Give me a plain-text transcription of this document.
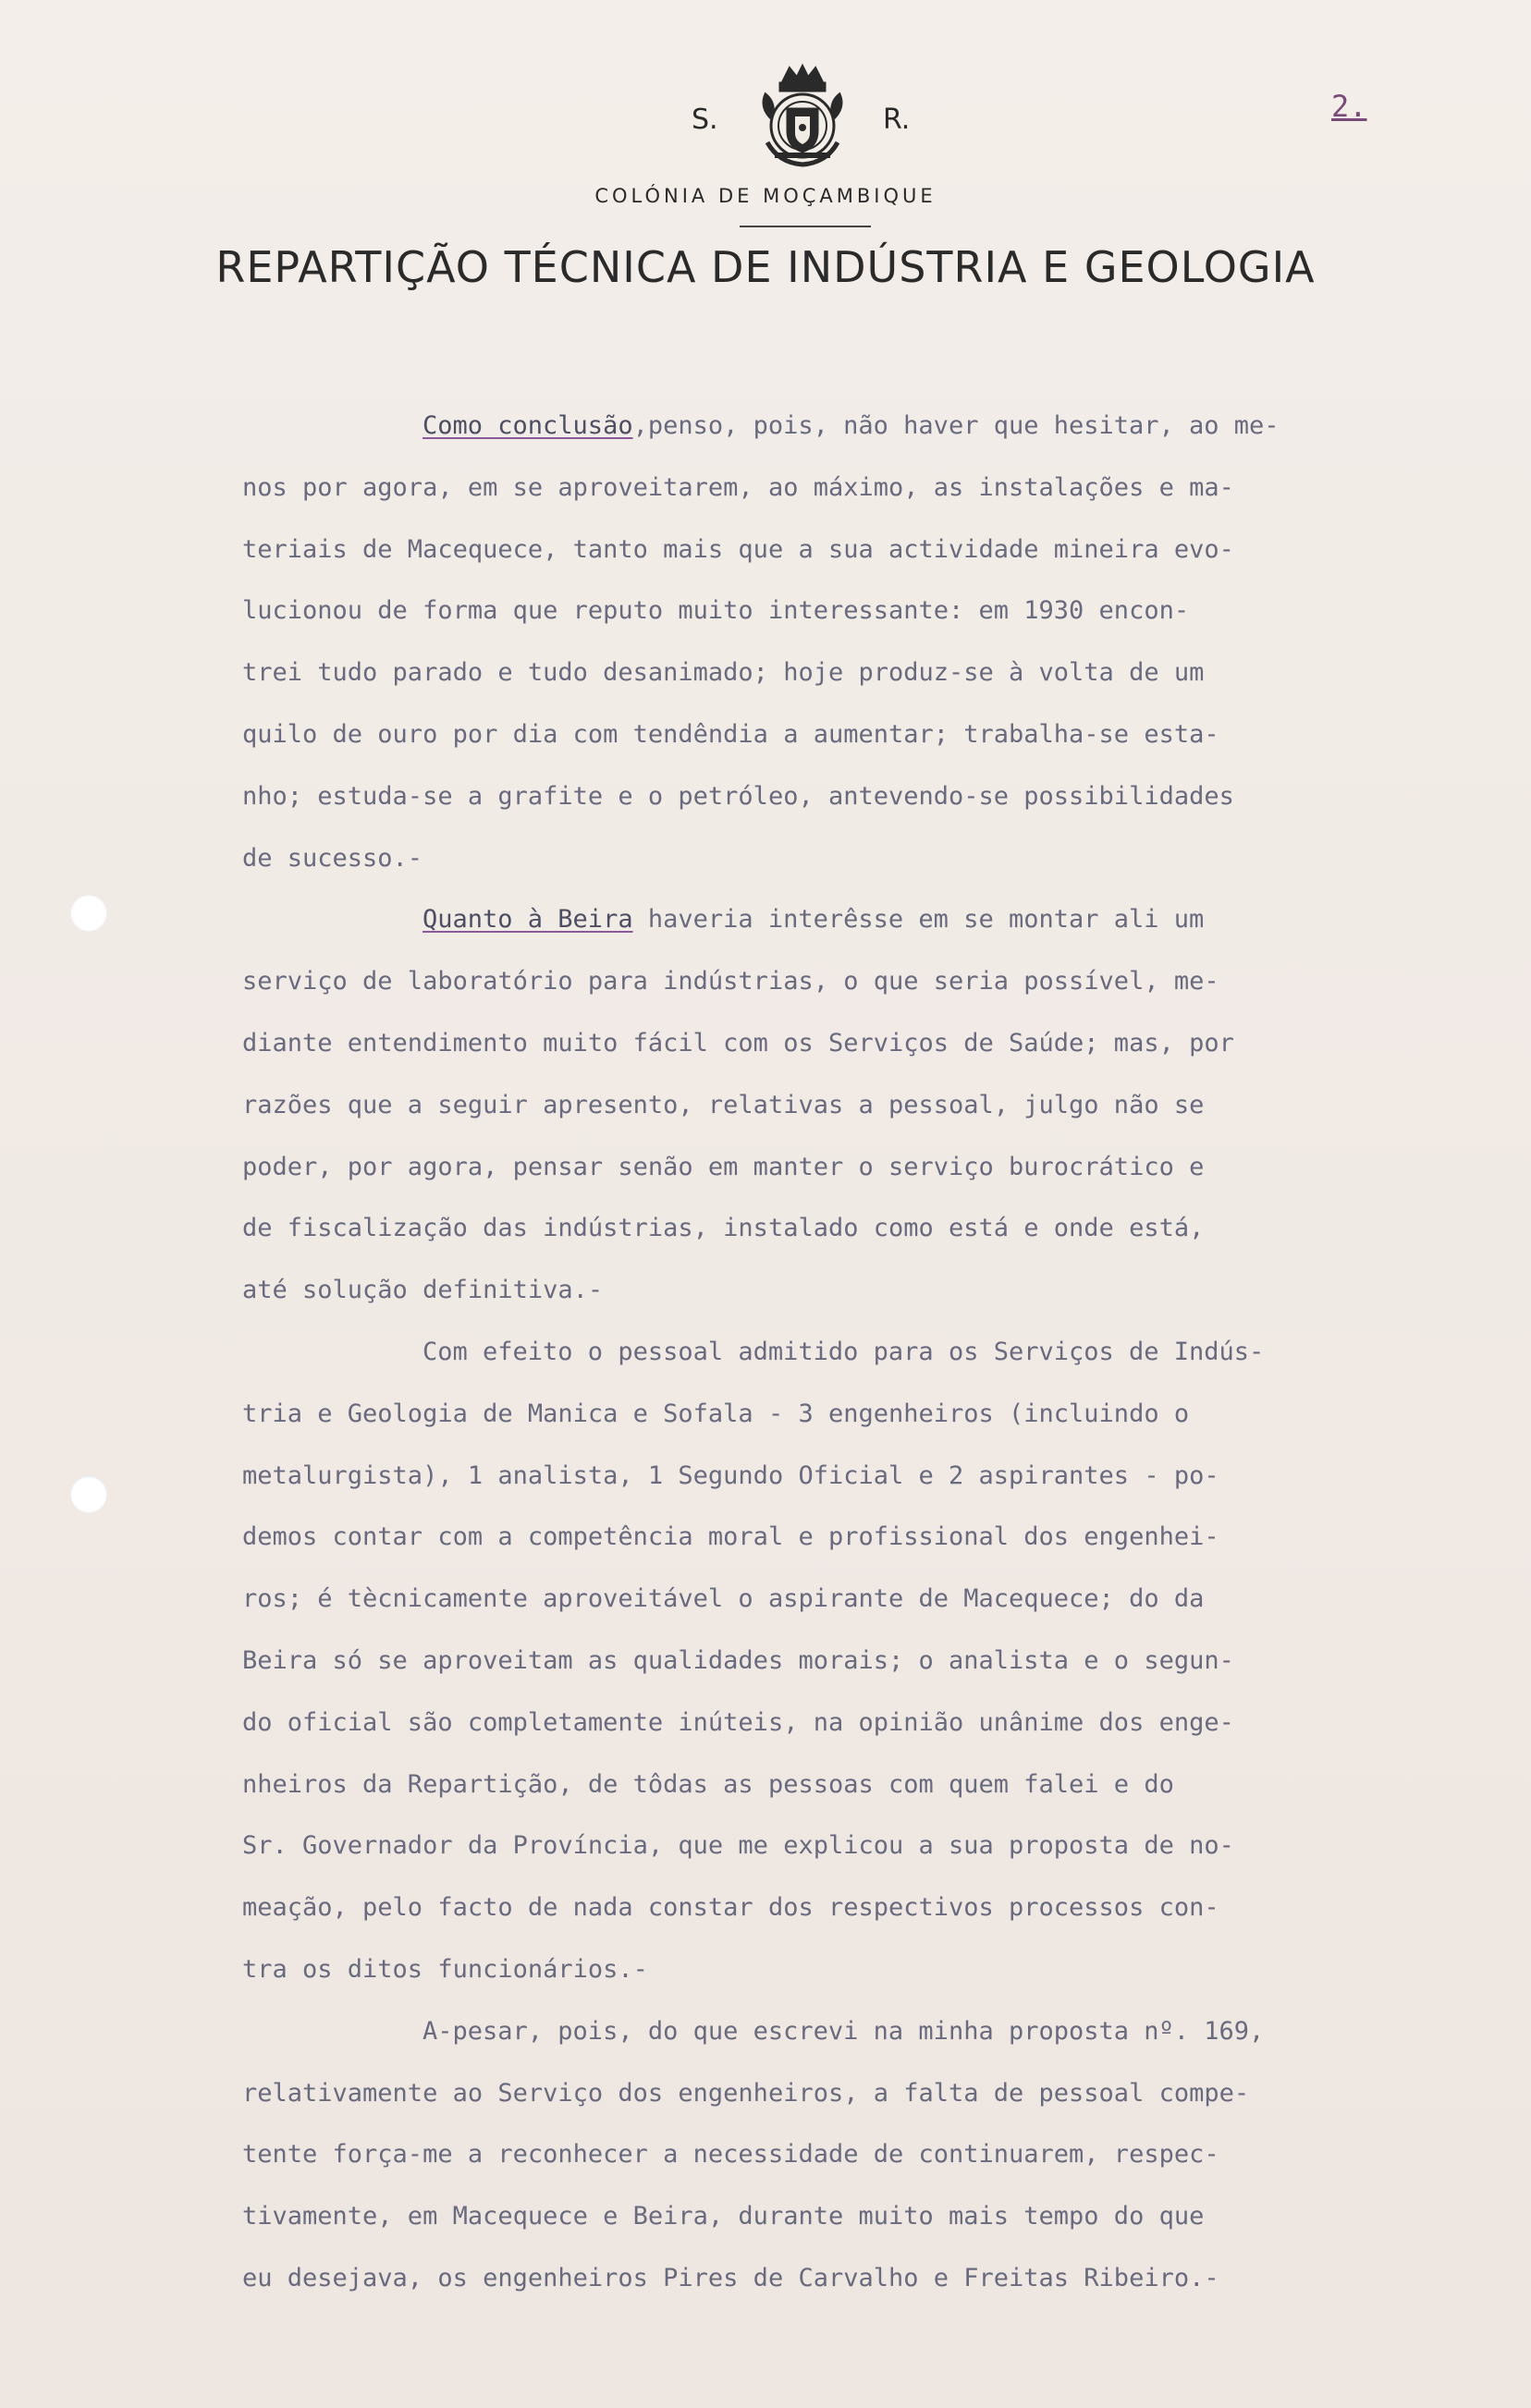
S.	R.	2.
COLÓNIA DE MOÇAMBIQUE
REPARTIÇÃO TÉCNICA DE INDÚSTRIA E GEOLOGIA
Como conclusão,penso, pois, não haver que hesitar, ao me-
nos por agora, em se aproveitarem, ao máximo, as instalações e ma-
teriais de Macequece, tanto mais que a sua actividade mineira evo-
lucionou de forma que reputo muito interessante: em 1930 encon-
trei tudo parado e tudo desanimado; hoje produz-se à volta de um
quilo de ouro por dia com tendêndia a aumentar; trabalha-se esta-
nho; estuda-se a grafite e o petróleo, antevendo-se possibilidades
de sucesso.-
Quanto à Beira haveria interêsse em se montar ali um
serviço de laboratório para indústrias, o que seria possível, me-
diante entendimento muito fácil com os Serviços de Saúde; mas, por
razões que a seguir apresento, relativas a pessoal, julgo não se
poder, por agora, pensar senão em manter o serviço burocrático e
de fiscalização das indústrias, instalado como está e onde está,
até solução definitiva.-
Com efeito o pessoal admitido para os Serviços de Indús-
tria e Geologia de Manica e Sofala - 3 engenheiros (incluindo o
metalurgista), 1 analista, 1 Segundo Oficial e 2 aspirantes - po-
demos contar com a competência moral e profissional dos engenhei-
ros; é tècnicamente aproveitável o aspirante de Macequece; do da
Beira só se aproveitam as qualidades morais; o analista e o segun-
do oficial são completamente inúteis, na opinião unânime dos enge-
nheiros da Repartição, de tôdas as pessoas com quem falei e do
Sr. Governador da Província, que me explicou a sua proposta de no-
meação, pelo facto de nada constar dos respectivos processos con-
tra os ditos funcionários.-
A-pesar, pois, do que escrevi na minha proposta nº. 169,
relativamente ao Serviço dos engenheiros, a falta de pessoal compe-
tente força-me a reconhecer a necessidade de continuarem, respec-
tivamente, em Macequece e Beira, durante muito mais tempo do que
eu desejava, os engenheiros Pires de Carvalho e Freitas Ribeiro.-
